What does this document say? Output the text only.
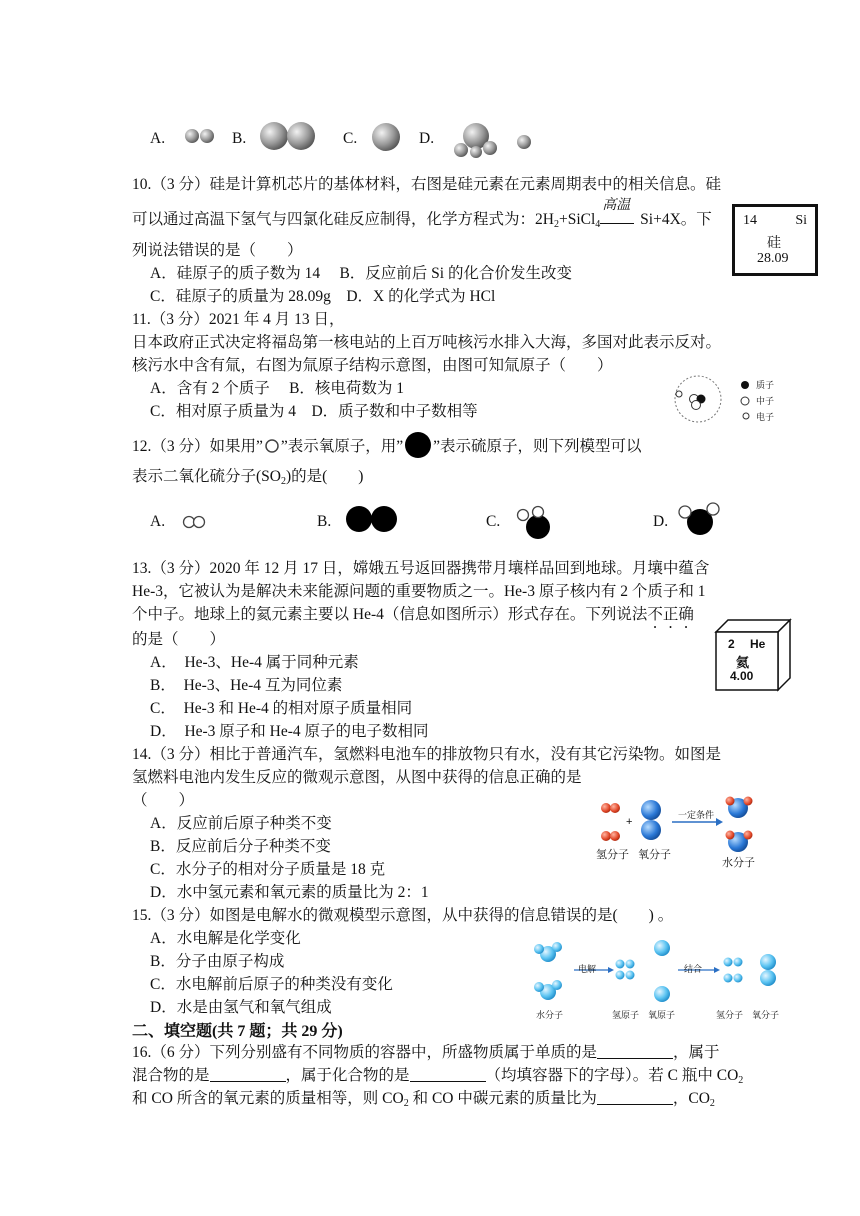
A.	B.	C.	D.
10.（3 分）硅是计算机芯片的基体材料，右图是硅元素在元素周期表中的相关信息。硅
可以通过高温下氢气与四氯化硅反应制得，化学方程式为：$2H_2+SiCl_4$
高温
Si+4X。下
列说法错误的是（　　）
A．硅原子的质子数为 14　 B．反应前后 Si 的化合价发生改变
C．硅原子的质量为 28.09g　D．X 的化学式为 HCl
14	Si
硅
28.09
11.（3 分）2021 年 4 月 13 日，
日本政府正式决定将福岛第一核电站的上百万吨核污水排入大海，多国对此表示反对。
核污水中含有氚，右图为氚原子结构示意图，由图可知氚原子（　　）
A．含有 2 个质子　 B．核电荷数为 1
C．相对原子质量为 4　D．质子数和中子数相等
质子
中子
电子
12.（3 分）如果用” ”表示氧原子，用” ”表示硫原子，则下列模型可以
表示二氧化硫分子$(SO_2)$的是(　　)
A.	B.	C.	D.
13.（3 分）2020 年 12 月 17 日，嫦娥五号返回器携带月壤样品回到地球。月壤中蕴含
He-3，它被认为是解决未来能源问题的重要物质之一。He-3 原子核内有 2 个质子和 1
个中子。地球上的氦元素主要以 He-4（信息如图所示）形式存在。下列说法不正确
的是（　　）
A．　He-3、He-4 属于同种元素
B．　He-3、He-4 互为同位素
C．　He-3 和 He-4 的相对原子质量相同
D．　He-3 原子和 He-4 原子的电子数相同
2 He
氦
4.00
14.（3 分）相比于普通汽车，氢燃料电池车的排放物只有水，没有其它污染物。如图是
氢燃料电池内发生反应的微观示意图，从图中获得的信息正确的是
（　　）
A．反应前后原子种类不变
B．反应前后分子种类不变
C．水分子的相对分子质量是 18 克
D．水中氢元素和氧元素的质量比为 2：1
+
一定条件
氢分子 氧分子
水分子
15.（3 分）如图是电解水的微观模型示意图，从中获得的信息错误的是(　　) 。
A．水电解是化学变化
B．分子由原子构成
C．水电解前后原子的种类没有变化
D．水是由氢气和氧气组成
电解	结合
水分子	氢原子 氧原子	氢分子 氧分子
二、填空题(共 7 题；共 29 分)
16.（6 分）下列分别盛有不同物质的容器中，所盛物质属于单质的是	，属于
混合物的是	，属于化合物的是	（均填容器下的字母）。若 C 瓶中 $CO_2$
和 CO 所含的氧元素的质量相等，则 $CO_2$ 和 CO 中碳元素的质量比为	，$CO_2$
